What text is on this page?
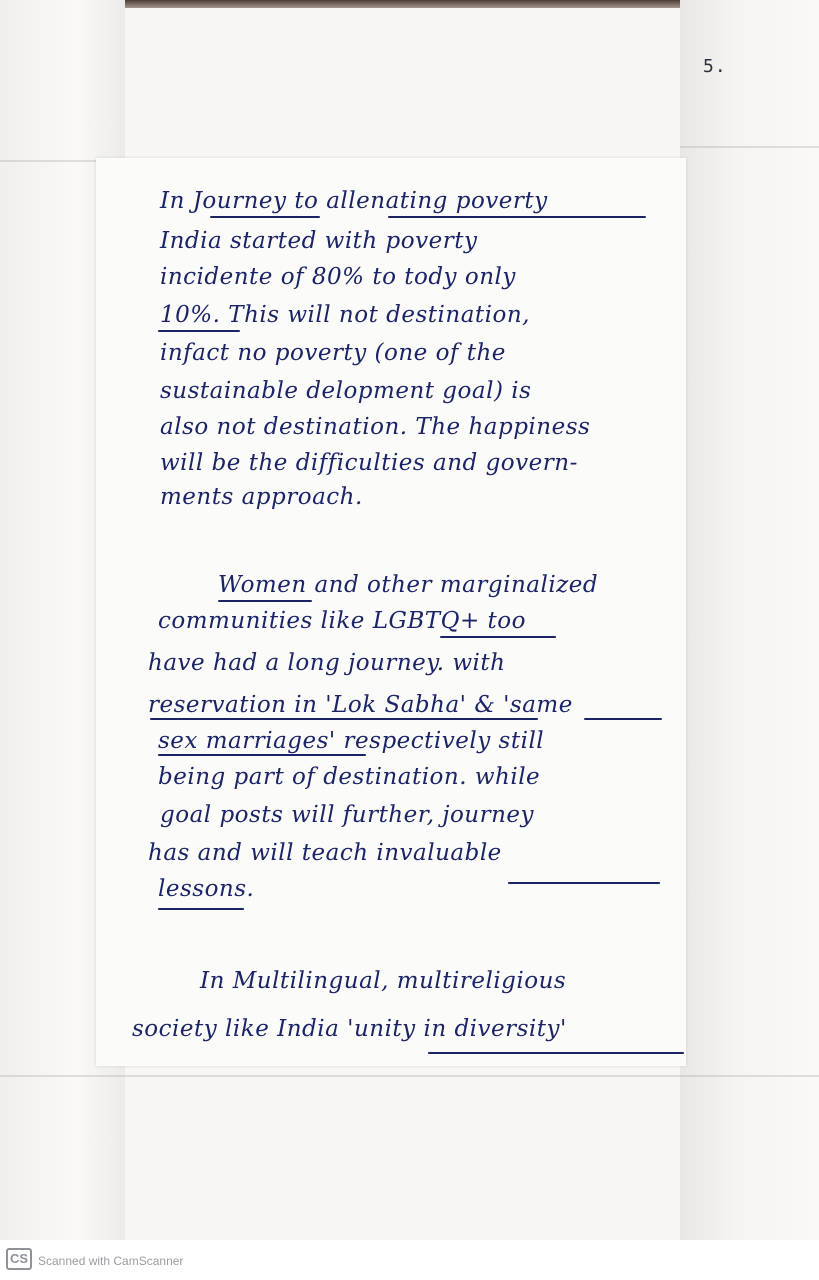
5.
In Journey to allenating poverty
India started with poverty
incidente of 80% to tody only
10%. This will not destination,
infact no poverty (one of the
sustainable delopment goal) is
also not destination. The happiness
will be the difficulties and govern-
ments approach.
Women and other marginalized
communities like LGBTQ+ too
have had a long journey. with
reservation in 'Lok Sabha' & 'same
sex marriages' respectively still
being part of destination. while
goal posts will further, journey
has and will teach invaluable
lessons.
In Multilingual, multireligious
society like India 'unity in diversity'
CS Scanned with CamScanner
